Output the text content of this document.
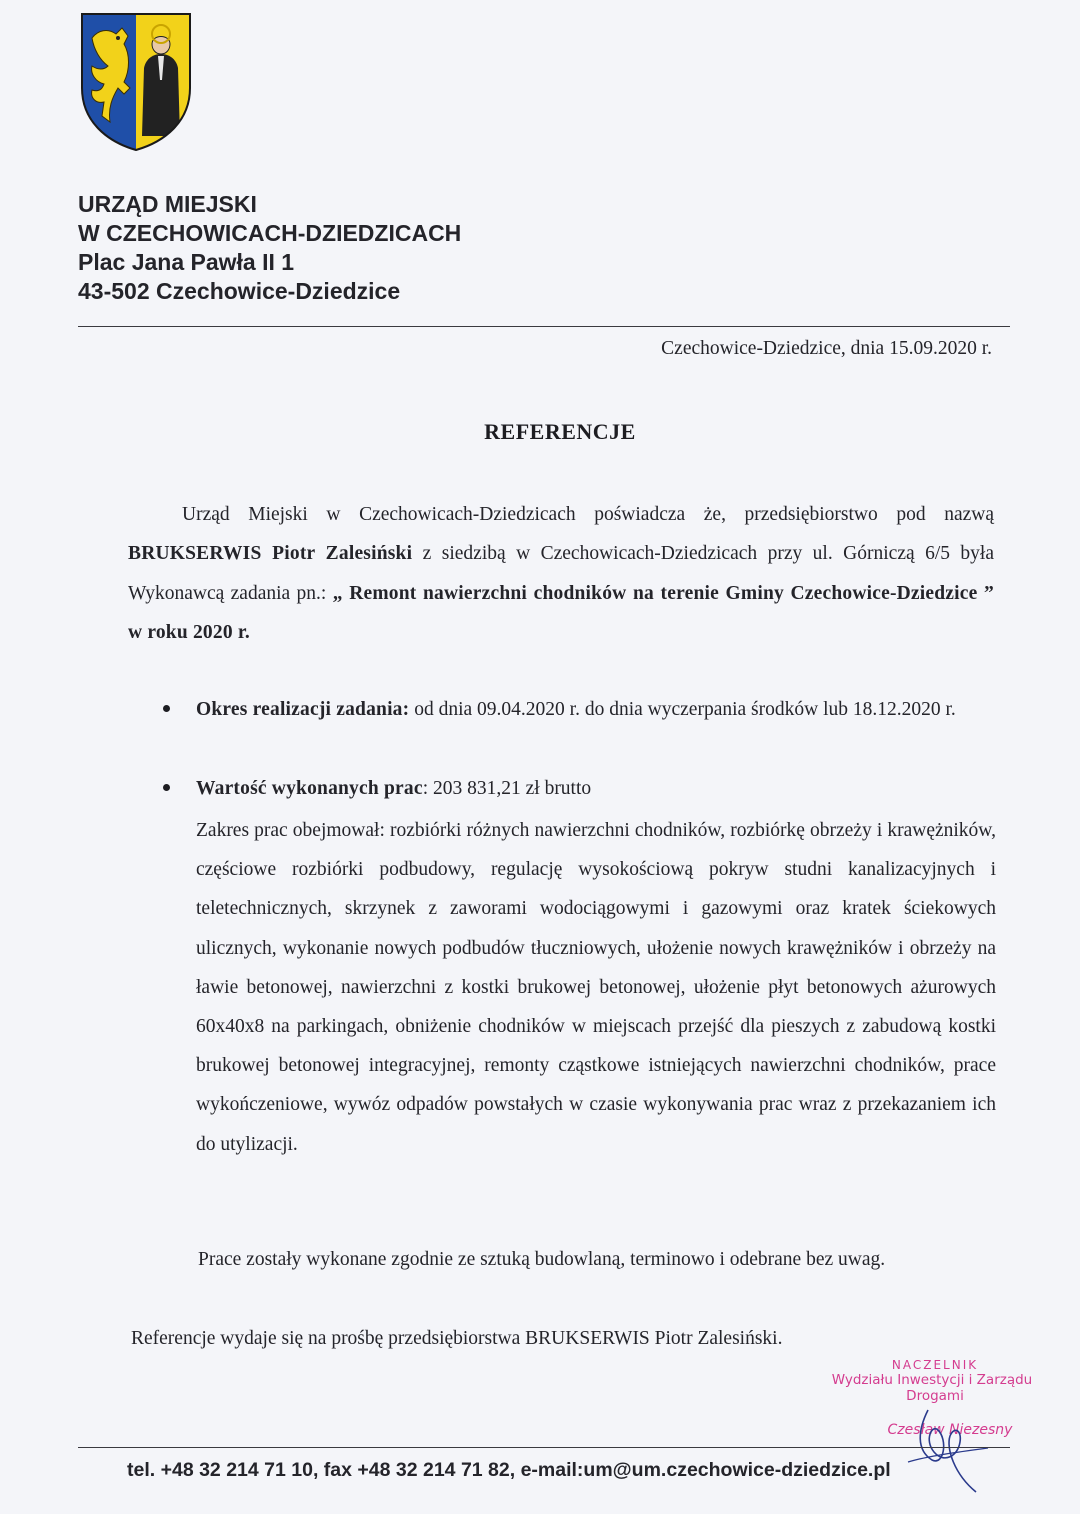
URZĄD MIEJSKI
W CZECHOWICACH-DZIEDZICACH
Plac Jana Pawła II 1
43-502 Czechowice-Dziedzice
Czechowice-Dziedzice, dnia 15.09.2020 r.
REFERENCJE
Urząd Miejski w Czechowicach-Dziedzicach poświadcza że, przedsiębiorstwo pod nazwą BRUKSERWIS Piotr Zalesiński z siedzibą w Czechowicach-Dziedzicach przy ul. Górniczą 6/5 była Wykonawcą zadania pn.: „ Remont nawierzchni chodników na terenie Gminy Czechowice-Dziedzice ” w roku 2020 r.
Okres realizacji zadania: od dnia 09.04.2020 r. do dnia wyczerpania środków lub 18.12.2020 r.
Wartość wykonanych prac: 203 831,21 zł brutto
Zakres prac obejmował: rozbiórki różnych nawierzchni chodników, rozbiórkę obrzeży i krawężników, częściowe rozbiórki podbudowy, regulację wysokościową pokryw studni kanalizacyjnych i teletechnicznych, skrzynek z zaworami wodociągowymi i gazowymi oraz kratek ściekowych ulicznych, wykonanie nowych podbudów tłuczniowych, ułożenie nowych krawężników i obrzeży na ławie betonowej, nawierzchni z kostki brukowej betonowej, ułożenie płyt betonowych ażurowych 60x40x8 na parkingach, obniżenie chodników w miejscach przejść dla pieszych z zabudową kostki brukowej betonowej integracyjnej, remonty cząstkowe istniejących nawierzchni chodników, prace wykończeniowe, wywóz odpadów powstałych w czasie wykonywania prac wraz z przekazaniem ich do utylizacji.
Prace zostały wykonane zgodnie ze sztuką budowlaną, terminowo i odebrane bez uwag.
Referencje wydaje się na prośbę przedsiębiorstwa BRUKSERWIS Piotr Zalesiński.
NACZELNIK
Wydziału Inwestycji i Zarządu
Drogami
Czesław Niezesny
tel. +48 32 214 71 10, fax +48 32 214 71 82, e-mail:um@um.czechowice-dziedzice.pl
